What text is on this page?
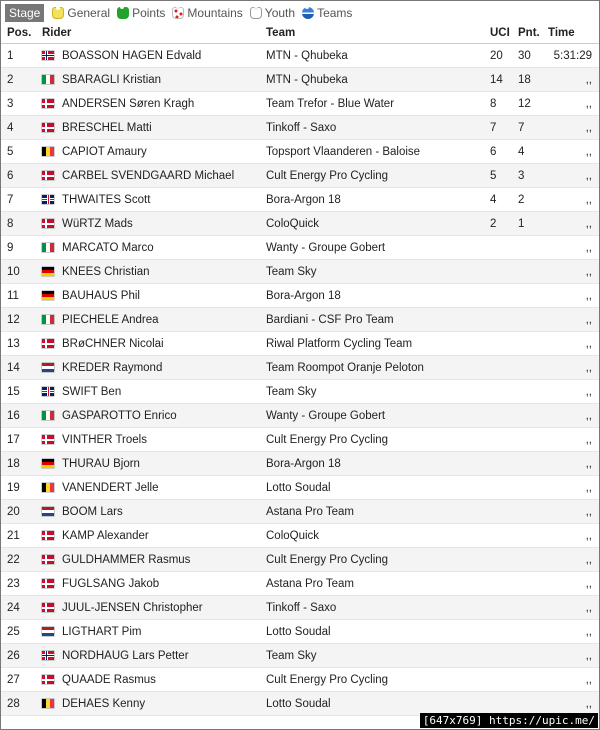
Stage General Points Mountains Youth Teams
Pos.	Rider	Team	UCI	Pnt.	Time
1	BOASSON HAGEN Edvald	MTN - Qhubeka	20	30	5:31:29
2	SBARAGLI Kristian	MTN - Qhubeka	14	18	,,
3	ANDERSEN Søren Kragh	Team Trefor - Blue Water	8	12	,,
4	BRESCHEL Matti	Tinkoff - Saxo	7	7	,,
5	CAPIOT Amaury	Topsport Vlaanderen - Baloise	6	4	,,
6	CARBEL SVENDGAARD Michael	Cult Energy Pro Cycling	5	3	,,
7	THWAITES Scott	Bora-Argon 18	4	2	,,
8	WüRTZ Mads	ColoQuick	2	1	,,
9	MARCATO Marco	Wanty - Groupe Gobert			,,
10	KNEES Christian	Team Sky			,,
11	BAUHAUS Phil	Bora-Argon 18			,,
12	PIECHELE Andrea	Bardiani - CSF Pro Team			,,
13	BRøCHNER Nicolai	Riwal Platform Cycling Team			,,
14	KREDER Raymond	Team Roompot Oranje Peloton			,,
15	SWIFT Ben	Team Sky			,,
16	GASPAROTTO Enrico	Wanty - Groupe Gobert			,,
17	VINTHER Troels	Cult Energy Pro Cycling			,,
18	THURAU Bjorn	Bora-Argon 18			,,
19	VANENDERT Jelle	Lotto Soudal			,,
20	BOOM Lars	Astana Pro Team			,,
21	KAMP Alexander	ColoQuick			,,
22	GULDHAMMER Rasmus	Cult Energy Pro Cycling			,,
23	FUGLSANG Jakob	Astana Pro Team			,,
24	JUUL-JENSEN Christopher	Tinkoff - Saxo			,,
25	LIGTHART Pim	Lotto Soudal			,,
26	NORDHAUG Lars Petter	Team Sky			,,
27	QUAADE Rasmus	Cult Energy Pro Cycling			,,
28	DEHAES Kenny	Lotto Soudal			,,
[647x769] https://upic.me/
